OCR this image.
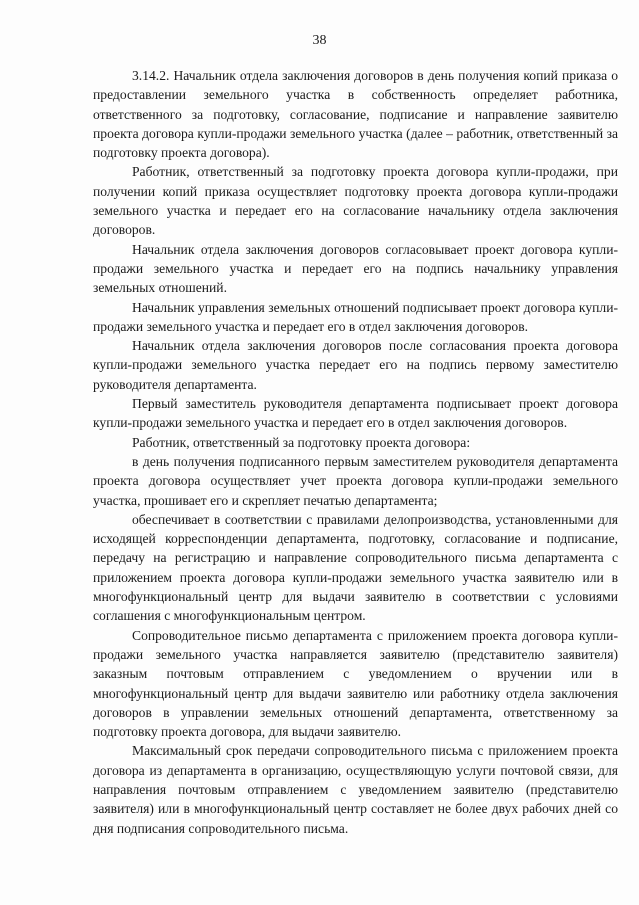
38

3.14.2. Начальник отдела заключения договоров в день получения копий приказа о предоставлении земельного участка в собственность определяет работника, ответственного за подготовку, согласование, подписание и направление заявителю проекта договора купли-продажи земельного участка (далее – работник, ответственный за подготовку проекта договора).

Работник, ответственный за подготовку проекта договора купли-продажи, при получении копий приказа осуществляет подготовку проекта договора купли-продажи земельного участка и передает его на согласование начальнику отдела заключения договоров.

Начальник отдела заключения договоров согласовывает проект договора купли-продажи земельного участка и передает его на подпись начальнику управления земельных отношений.

Начальник управления земельных отношений подписывает проект договора купли-продажи земельного участка и передает его в отдел заключения договоров.

Начальник отдела заключения договоров после согласования проекта договора купли-продажи земельного участка передает его на подпись первому заместителю руководителя департамента.

Первый заместитель руководителя департамента подписывает проект договора купли-продажи земельного участка и передает его в отдел заключения договоров.

Работник, ответственный за подготовку проекта договора:

в день получения подписанного первым заместителем руководителя департамента проекта договора осуществляет учет проекта договора купли-продажи земельного участка, прошивает его и скрепляет печатью департамента;

обеспечивает в соответствии с правилами делопроизводства, установленными для исходящей корреспонденции департамента, подготовку, согласование и подписание, передачу на регистрацию и направление сопроводительного письма департамента с приложением проекта договора купли-продажи земельного участка заявителю или в многофункциональный центр для выдачи заявителю в соответствии с условиями соглашения с многофункциональным центром.

Сопроводительное письмо департамента с приложением проекта договора купли-продажи земельного участка направляется заявителю (представителю заявителя) заказным почтовым отправлением с уведомлением о вручении или в многофункциональный центр для выдачи заявителю или работнику отдела заключения договоров в управлении земельных отношений департамента, ответственному за подготовку проекта договора, для выдачи заявителю.

Максимальный срок передачи сопроводительного письма с приложением проекта договора из департамента в организацию, осуществляющую услуги почтовой связи, для направления почтовым отправлением с уведомлением заявителю (представителю заявителя) или в многофункциональный центр составляет не более двух рабочих дней со дня подписания сопроводительного письма.
